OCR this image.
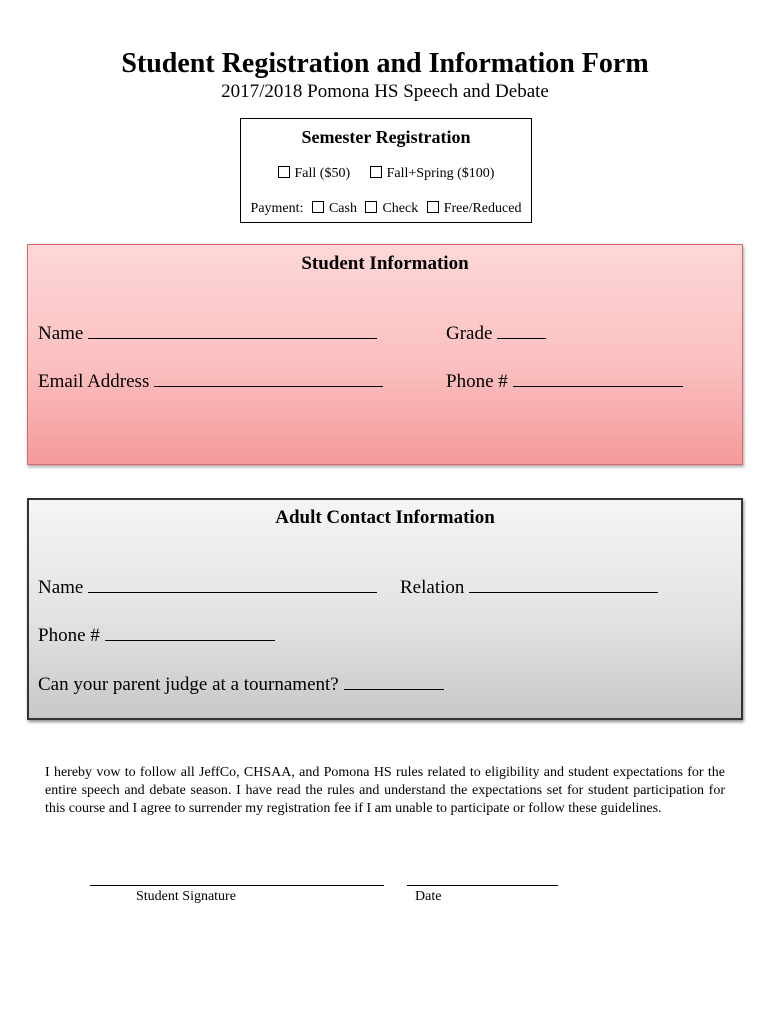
Student Registration and Information Form
2017/2018 Pomona HS Speech and Debate
Semester Registration
Fall ($50)	Fall+Spring ($100)
Payment: Cash Check Free/Reduced
Student Information
Name	Grade
Email Address	Phone #
Adult Contact Information
Name	Relation
Phone #
Can your parent judge at a tournament?
I hereby vow to follow all JeffCo, CHSAA, and Pomona HS rules related to eligibility and student expectations for the entire speech and debate season. I have read the rules and understand the expectations set for student participation for this course and I agree to surrender my registration fee if I am unable to participate or follow these guidelines.
Student Signature	Date
